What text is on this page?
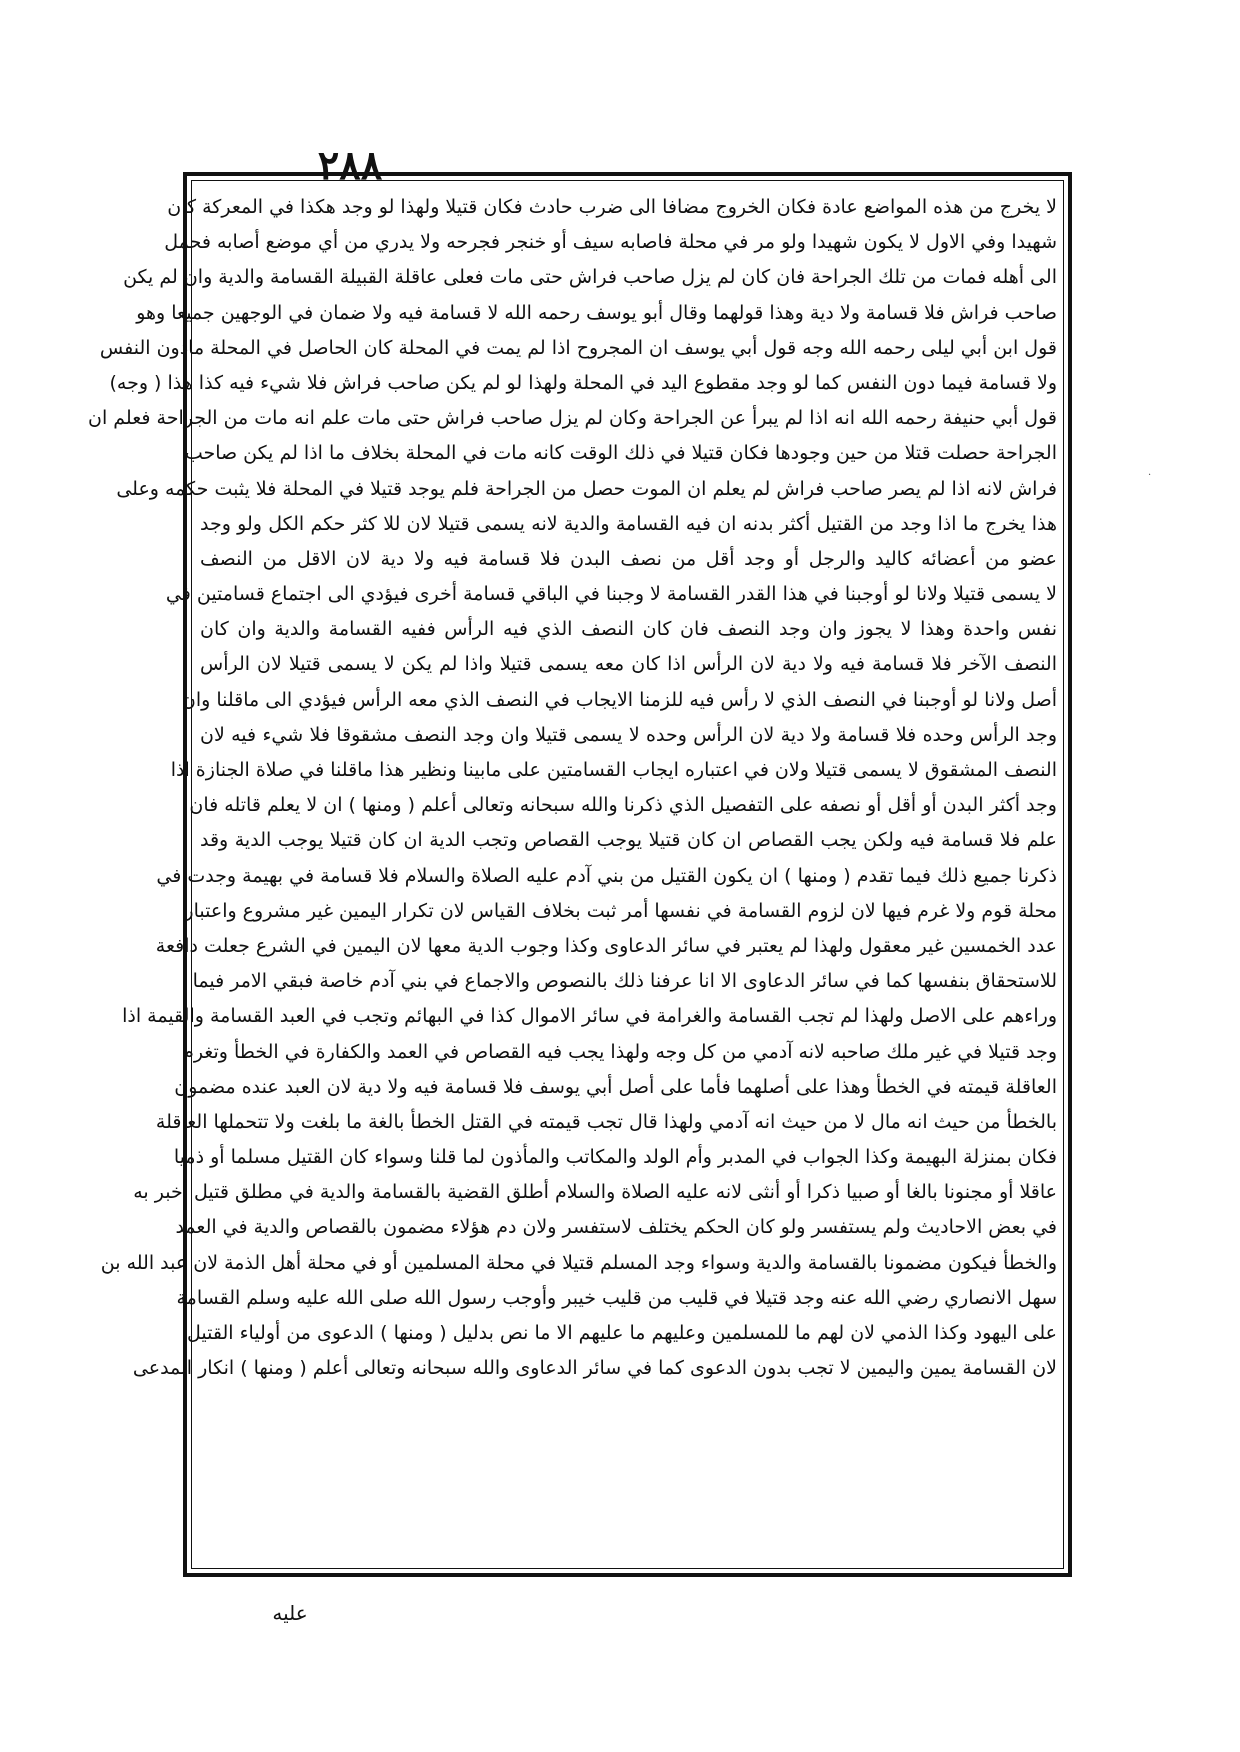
٢٨٨
لا يخرج من هذه المواضع عادة فكان الخروج مضافا الى ضرب حادث فكان قتيلا ولهذا لو وجد هكذا في المعركة كان
شهيدا وفي الاول لا يكون شهيدا ولو مر في محلة فاصابه سيف أو خنجر فجرحه ولا يدري من أي موضع أصابه فحمل
الى أهله فمات من تلك الجراحة فان كان لم يزل صاحب فراش حتى مات فعلى عاقلة القبيلة القسامة والدية وان لم يكن
صاحب فراش فلا قسامة ولا دية وهذا قولهما وقال أبو يوسف رحمه الله لا قسامة فيه ولا ضمان في الوجهين جميعا وهو
قول ابن أبي ليلى رحمه الله وجه قول أبي يوسف ان المجروح اذا لم يمت في المحلة كان الحاصل في المحلة مادون النفس
ولا قسامة فيما دون النفس كما لو وجد مقطوع اليد في المحلة ولهذا لو لم يكن صاحب فراش فلا شيء فيه كذا هذا ( وجه)
قول أبي حنيفة رحمه الله انه اذا لم يبرأ عن الجراحة وكان لم يزل صاحب فراش حتى مات علم انه مات من الجراحة فعلم ان
الجراحة حصلت قتلا من حين وجودها فكان قتيلا في ذلك الوقت كانه مات في المحلة بخلاف ما اذا لم يكن صاحب
فراش لانه اذا لم يصر صاحب فراش لم يعلم ان الموت حصل من الجراحة فلم يوجد قتيلا في المحلة فلا يثبت حكمه وعلى
هذا يخرج ما اذا وجد من القتيل أكثر بدنه ان فيه القسامة والدية لانه يسمى قتيلا لان للا كثر حكم الكل ولو وجد
عضو من أعضائه كاليد والرجل أو وجد أقل من نصف البدن فلا قسامة فيه ولا دية لان الاقل من النصف
لا يسمى قتيلا ولانا لو أوجبنا في هذا القدر القسامة لا وجبنا في الباقي قسامة أخرى فيؤدي الى اجتماع قسامتين في
نفس واحدة وهذا لا يجوز وان وجد النصف فان كان النصف الذي فيه الرأس ففيه القسامة والدية وان كان
النصف الآخر فلا قسامة فيه ولا دية لان الرأس اذا كان معه يسمى قتيلا واذا لم يكن لا يسمى قتيلا لان الرأس
أصل ولانا لو أوجبنا في النصف الذي لا رأس فيه للزمنا الايجاب في النصف الذي معه الرأس فيؤدي الى ماقلنا وان
وجد الرأس وحده فلا قسامة ولا دية لان الرأس وحده لا يسمى قتيلا وان وجد النصف مشقوقا فلا شيء فيه لان
النصف المشقوق لا يسمى قتيلا ولان في اعتباره ايجاب القسامتين على مابينا ونظير هذا ماقلنا في صلاة الجنازة اذا
وجد أكثر البدن أو أقل أو نصفه على التفصيل الذي ذكرنا والله سبحانه وتعالى أعلم ( ومنها ) ان لا يعلم قاتله فان
علم فلا قسامة فيه ولكن يجب القصاص ان كان قتيلا يوجب القصاص وتجب الدية ان كان قتيلا يوجب الدية وقد
ذكرنا جميع ذلك فيما تقدم ( ومنها ) ان يكون القتيل من بني آدم عليه الصلاة والسلام فلا قسامة في بهيمة وجدت في
محلة قوم ولا غرم فيها لان لزوم القسامة في نفسها أمر ثبت بخلاف القياس لان تكرار اليمين غير مشروع واعتبار
عدد الخمسين غير معقول ولهذا لم يعتبر في سائر الدعاوى وكذا وجوب الدية معها لان اليمين في الشرع جعلت دافعة
للاستحقاق بنفسها كما في سائر الدعاوى الا انا عرفنا ذلك بالنصوص والاجماع في بني آدم خاصة فبقي الامر فيما
وراءهم على الاصل ولهذا لم تجب القسامة والغرامة في سائر الاموال كذا في البهائم وتجب في العبد القسامة والقيمة اذا
وجد قتيلا في غير ملك صاحبه لانه آدمي من كل وجه ولهذا يجب فيه القصاص في العمد والكفارة في الخطأ وتغرم
العاقلة قيمته في الخطأ وهذا على أصلهما فأما على أصل أبي يوسف فلا قسامة فيه ولا دية لان العبد عنده مضمون
بالخطأ من حيث انه مال لا من حيث انه آدمي ولهذا قال تجب قيمته في القتل الخطأ بالغة ما بلغت ولا تتحملها العاقلة
فكان بمنزلة البهيمة وكذا الجواب في المدبر وأم الولد والمكاتب والمأذون لما قلنا وسواء كان القتيل مسلما أو ذميا
عاقلا أو مجنونا بالغا أو صبيا ذكرا أو أنثى لانه عليه الصلاة والسلام أطلق القضية بالقسامة والدية في مطلق قتيل أخبر به
في بعض الاحاديث ولم يستفسر ولو كان الحكم يختلف لاستفسر ولان دم هؤلاء مضمون بالقصاص والدية في العمد
والخطأ فيكون مضمونا بالقسامة والدية وسواء وجد المسلم قتيلا في محلة المسلمين أو في محلة أهل الذمة لان عبد الله بن
سهل الانصاري رضي الله عنه وجد قتيلا في قليب من قليب خيبر وأوجب رسول الله صلى الله عليه وسلم القسامة
على اليهود وكذا الذمي لان لهم ما للمسلمين وعليهم ما عليهم الا ما نص بدليل ( ومنها ) الدعوى من أولياء القتيل
لان القسامة يمين واليمين لا تجب بدون الدعوى كما في سائر الدعاوى والله سبحانه وتعالى أعلم ( ومنها ) انكار المدعى
عليه
·
